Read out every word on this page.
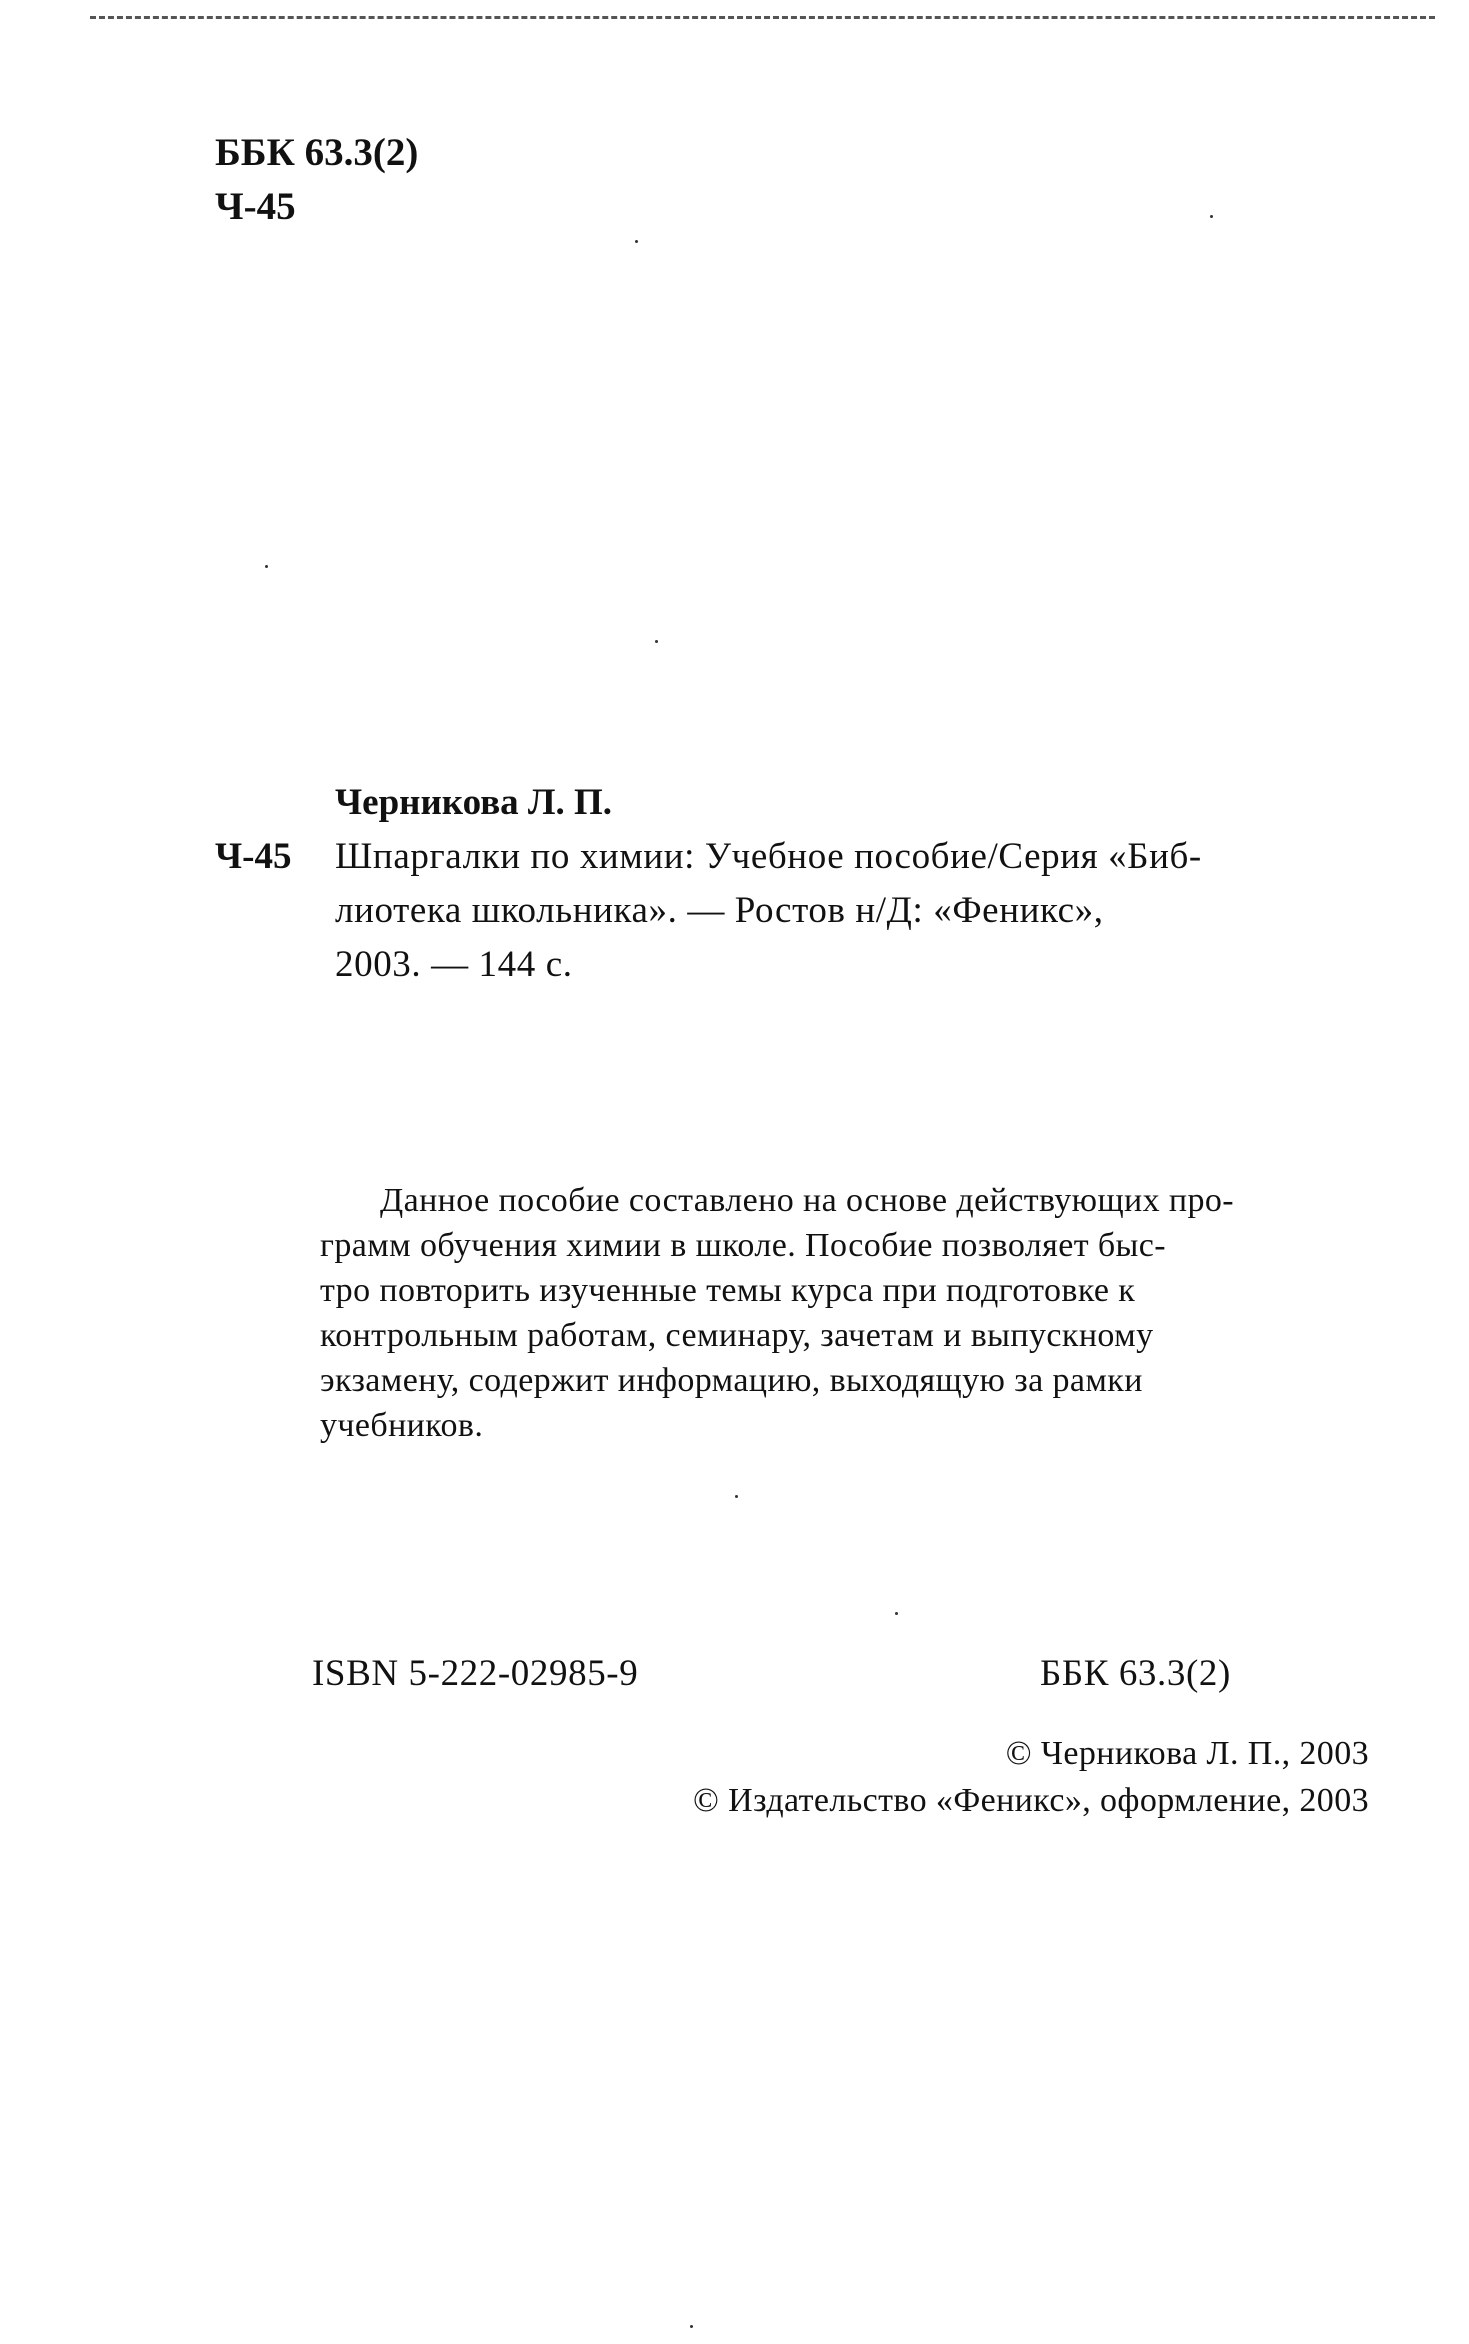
ББК 63.3(2)
Ч-45
Черникова Л. П.
Ч-45 Шпаргалки по химии: Учебное пособие/Серия «Биб-
лиотека школьника». — Ростов н/Д: «Феникс»,
2003. — 144 с.
Данное пособие составлено на основе действующих про-
грамм обучения химии в школе. Пособие позволяет быс-
тро повторить изученные темы курса при подготовке к
контрольным работам, семинару, зачетам и выпускному
экзамену, содержит информацию, выходящую за рамки
учебников.
ISBN 5-222-02985-9	ББК 63.3(2)
© Черникова Л. П., 2003
© Издательство «Феникс», оформление, 2003
